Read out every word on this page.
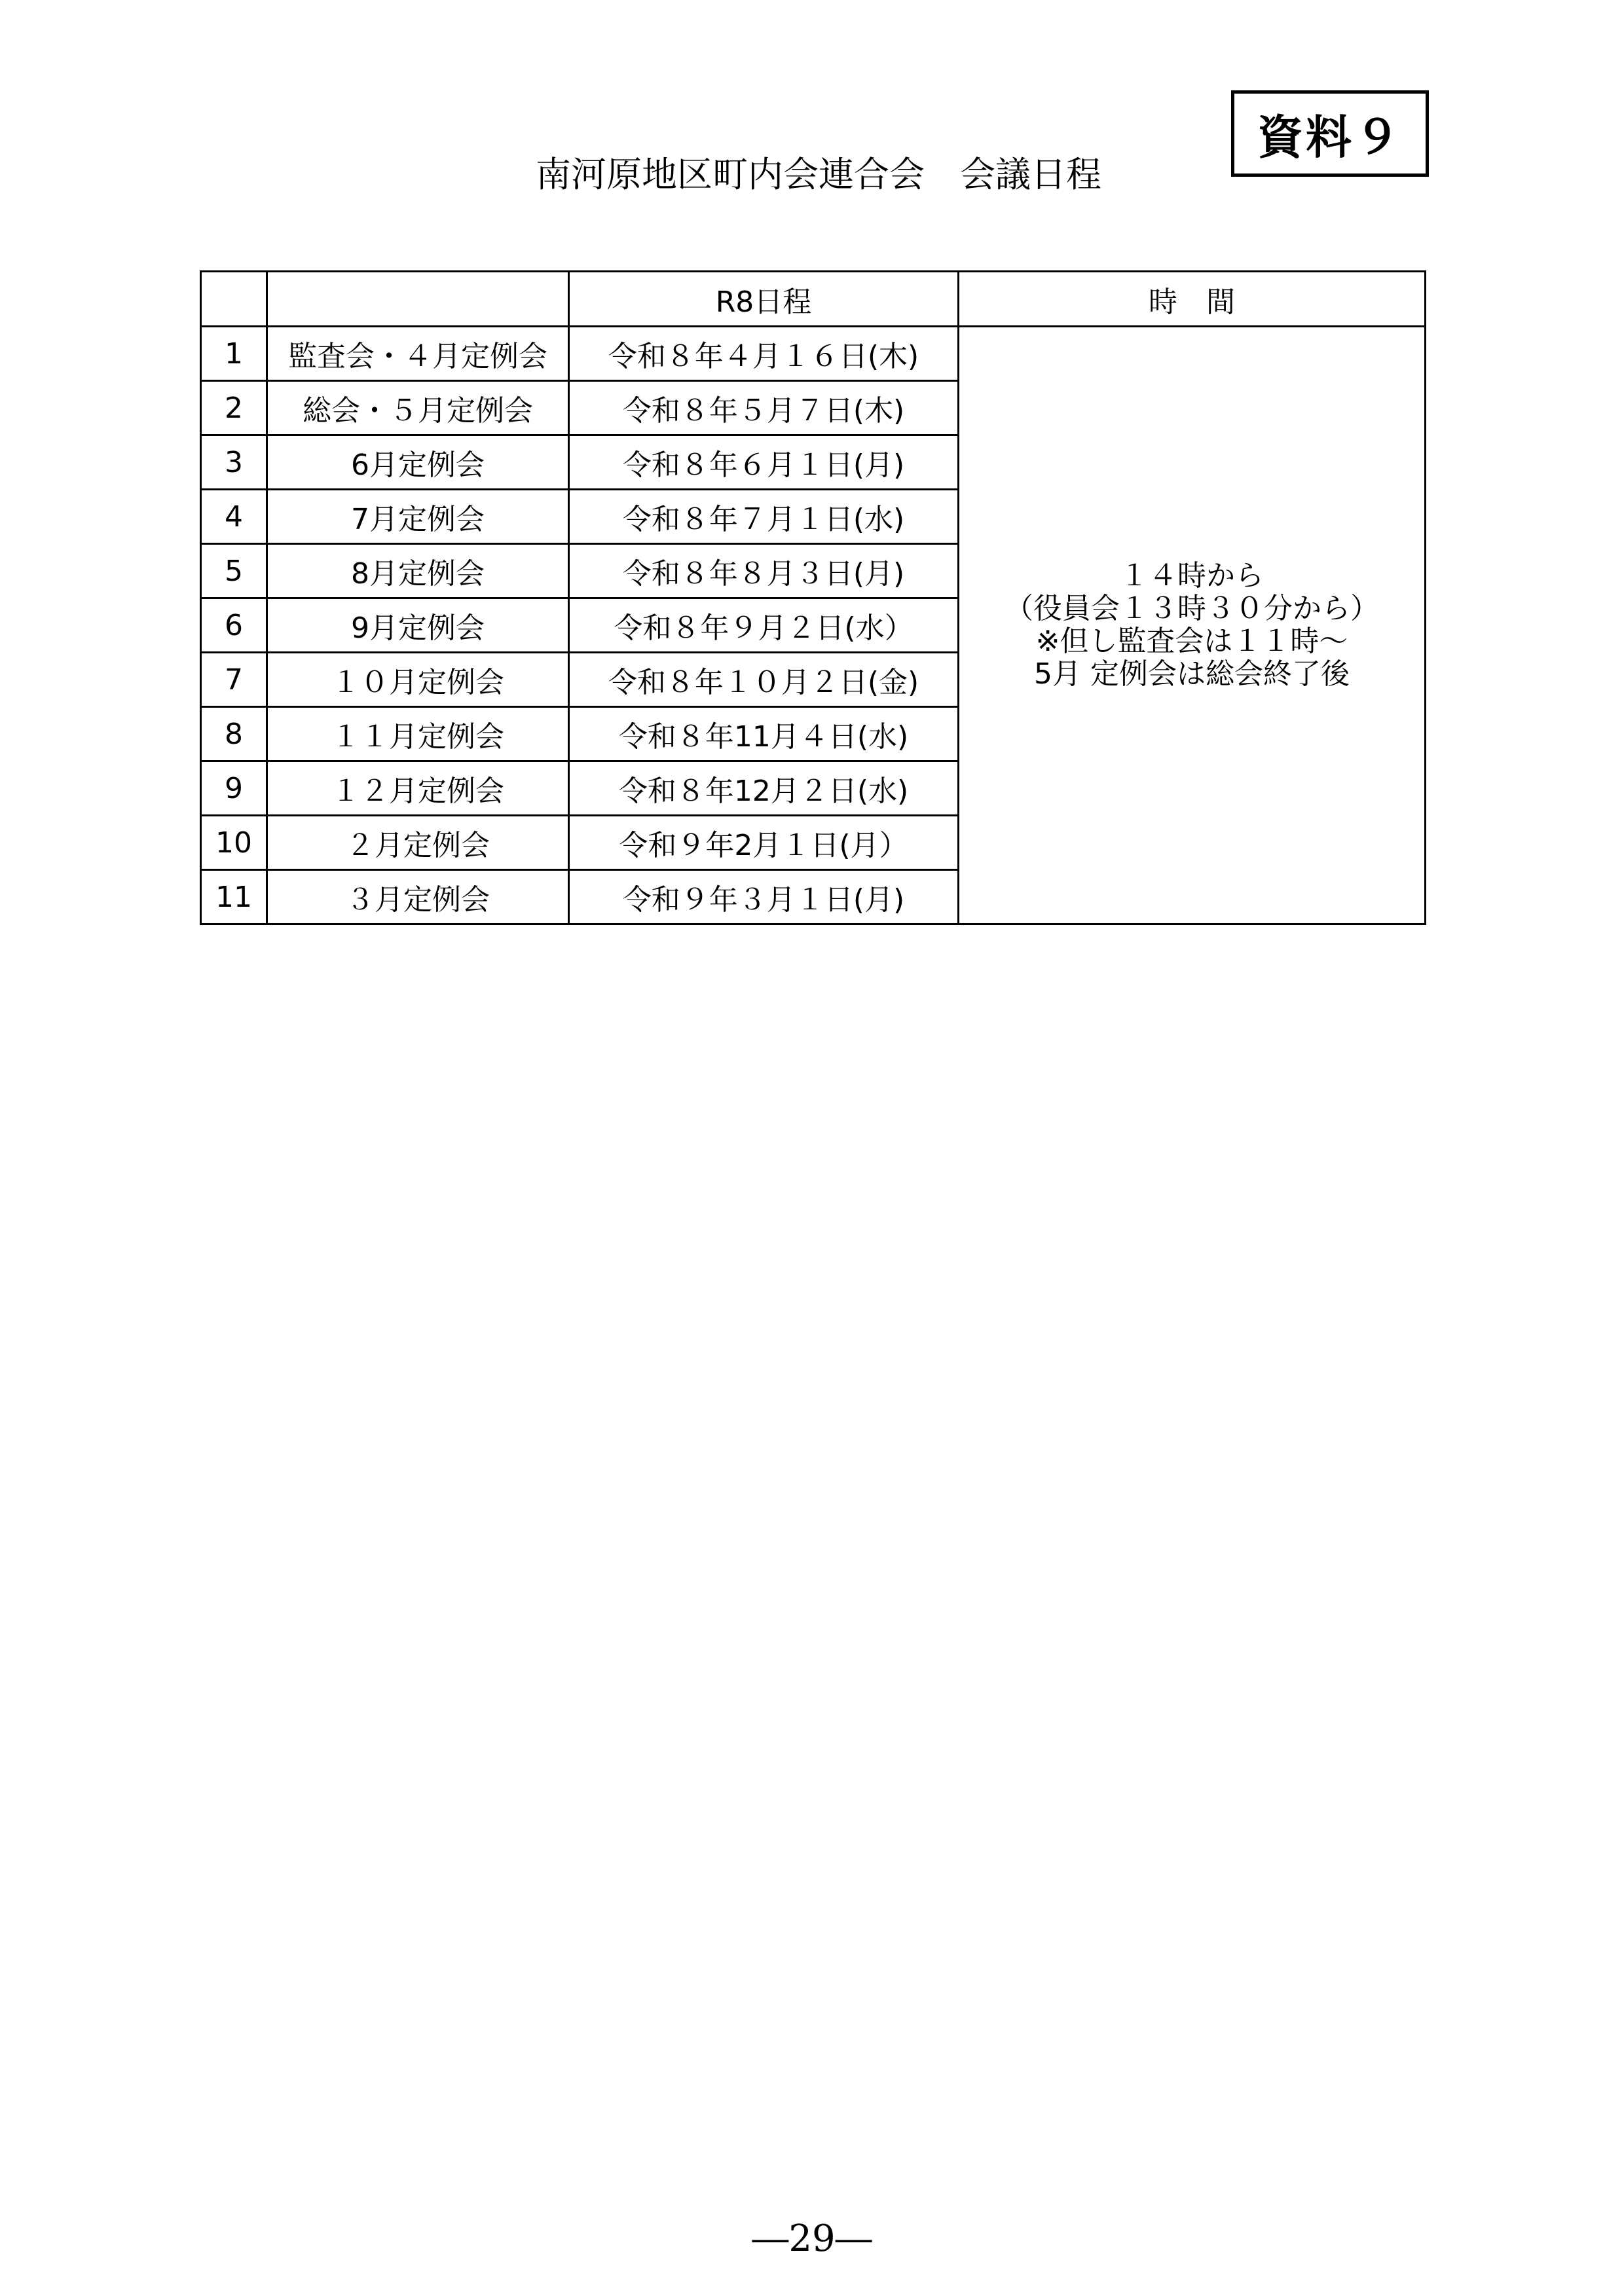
資料９
南河原地区町内会連合会　会議日程
		R8日程	時　間
1	監査会・４月定例会	令和８年４月１６日(木)	１４時から
（役員会１３時３０分から）
※但し監査会は１１時～
5月 定例会は総会終了後

2	総会・５月定例会	令和８年５月７日(木)	
3	6月定例会	令和８年６月１日(月)	
4	7月定例会	令和８年７月１日(水)	
5	8月定例会	令和８年８月３日(月)	
6	9月定例会	令和８年９月２日(水）	
7	１０月定例会	令和８年１０月２日(金)	
8	１１月定例会	令和８年11月４日(水)	
9	１２月定例会	令和８年12月２日(水)	
10	２月定例会	令和９年2月１日(月）	
11	３月定例会	令和９年３月１日(月)	
―29―
